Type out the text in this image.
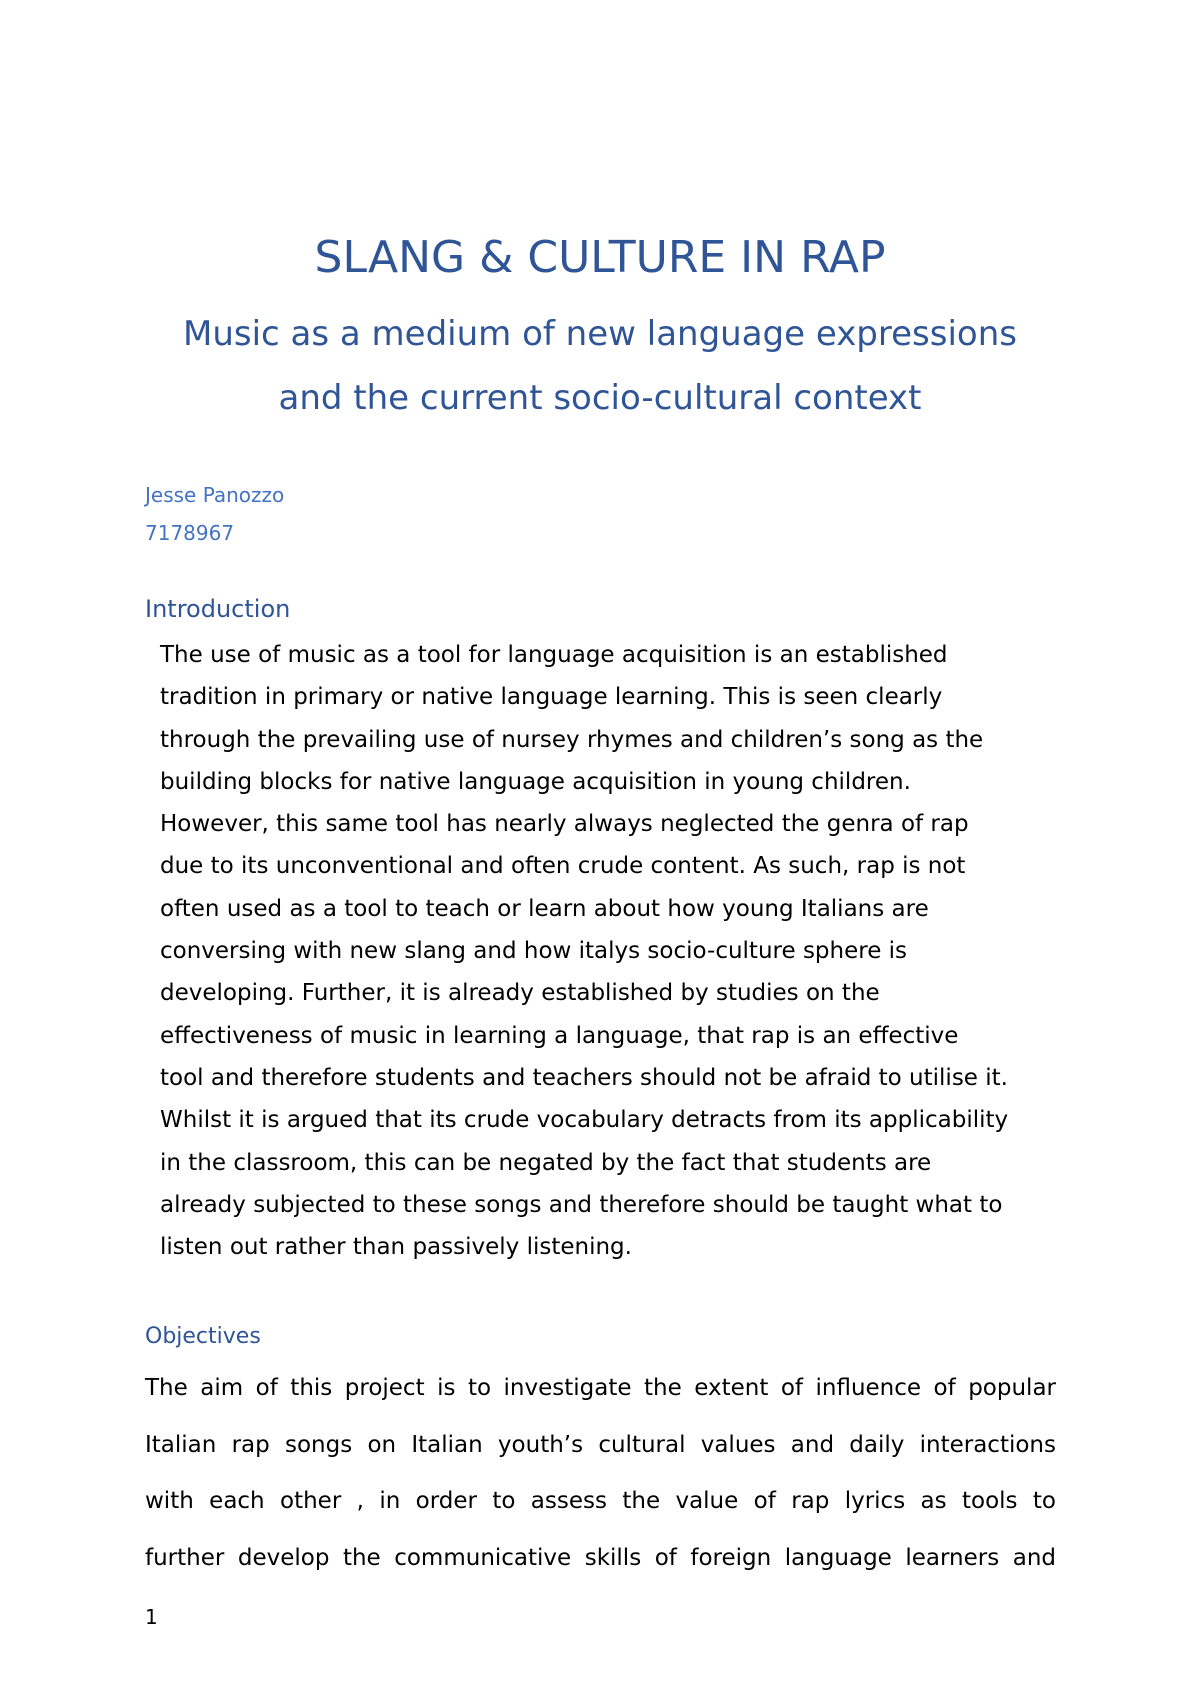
SLANG & CULTURE IN RAP
Music as a medium of new language expressions
and the current socio-cultural context
Jesse Panozzo
7178967
Introduction
The use of music as a tool for language acquisition is an established
tradition in primary or native language learning. This is seen clearly
through the prevailing use of nursey rhymes and children’s song as the
building blocks for native language acquisition in young children.
However, this same tool has nearly always neglected the genra of rap
due to its unconventional and often crude content. As such, rap is not
often used as a tool to teach or learn about how young Italians are
conversing with new slang and how italys socio-culture sphere is
developing. Further, it is already established by studies on the
effectiveness of music in learning a language, that rap is an effective
tool and therefore students and teachers should not be afraid to utilise it.
Whilst it is argued that its crude vocabulary detracts from its applicability
in the classroom, this can be negated by the fact that students are
already subjected to these songs and therefore should be taught what to
listen out rather than passively listening.
Objectives
The aim of this project is to investigate the extent of influence of popular
Italian rap songs on Italian youth’s cultural values and daily interactions
with each other , in order to assess the value of rap lyrics as tools to
further develop the communicative skills of foreign language learners and
1
